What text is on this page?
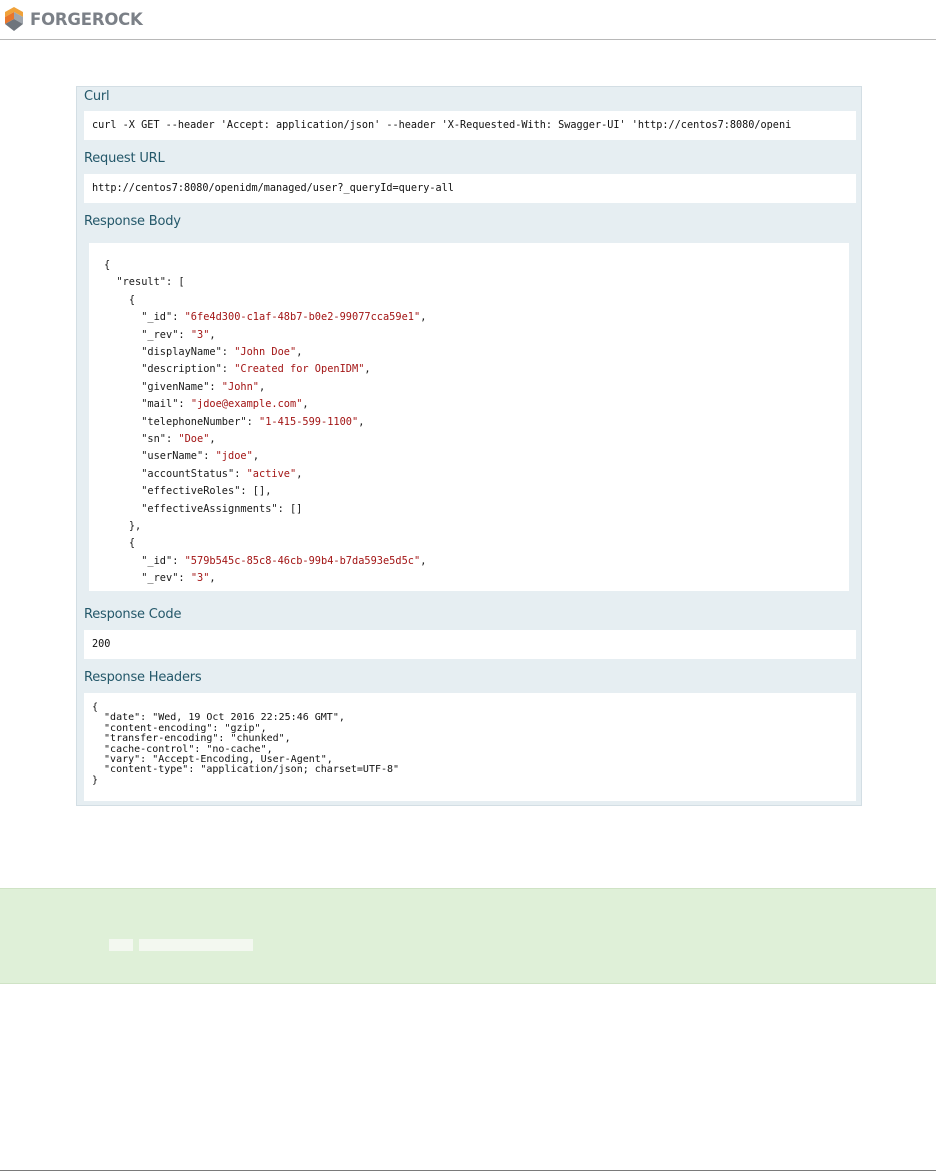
FORGEROCK
Curl
curl -X GET --header 'Accept: application/json' --header 'X-Requested-With: Swagger-UI' 'http://centos7:8080/openi
Request URL
http://centos7:8080/openidm/managed/user?_queryId=query-all
Response Body
{
"result": [
{
"_id": "6fe4d300-c1af-48b7-b0e2-99077cca59e1",
"_rev": "3",
"displayName": "John Doe",
"description": "Created for OpenIDM",
"givenName": "John",
"mail": "jdoe@example.com",
"telephoneNumber": "1-415-599-1100",
"sn": "Doe",
"userName": "jdoe",
"accountStatus": "active",
"effectiveRoles": [],
"effectiveAssignments": []
},
{
"_id": "579b545c-85c8-46cb-99b4-b7da593e5d5c",
"_rev": "3",
Response Code
200
Response Headers
{
"date": "Wed, 19 Oct 2016 22:25:46 GMT",
"content-encoding": "gzip",
"transfer-encoding": "chunked",
"cache-control": "no-cache",
"vary": "Accept-Encoding, User-Agent",
"content-type": "application/json; charset=UTF-8"
}
